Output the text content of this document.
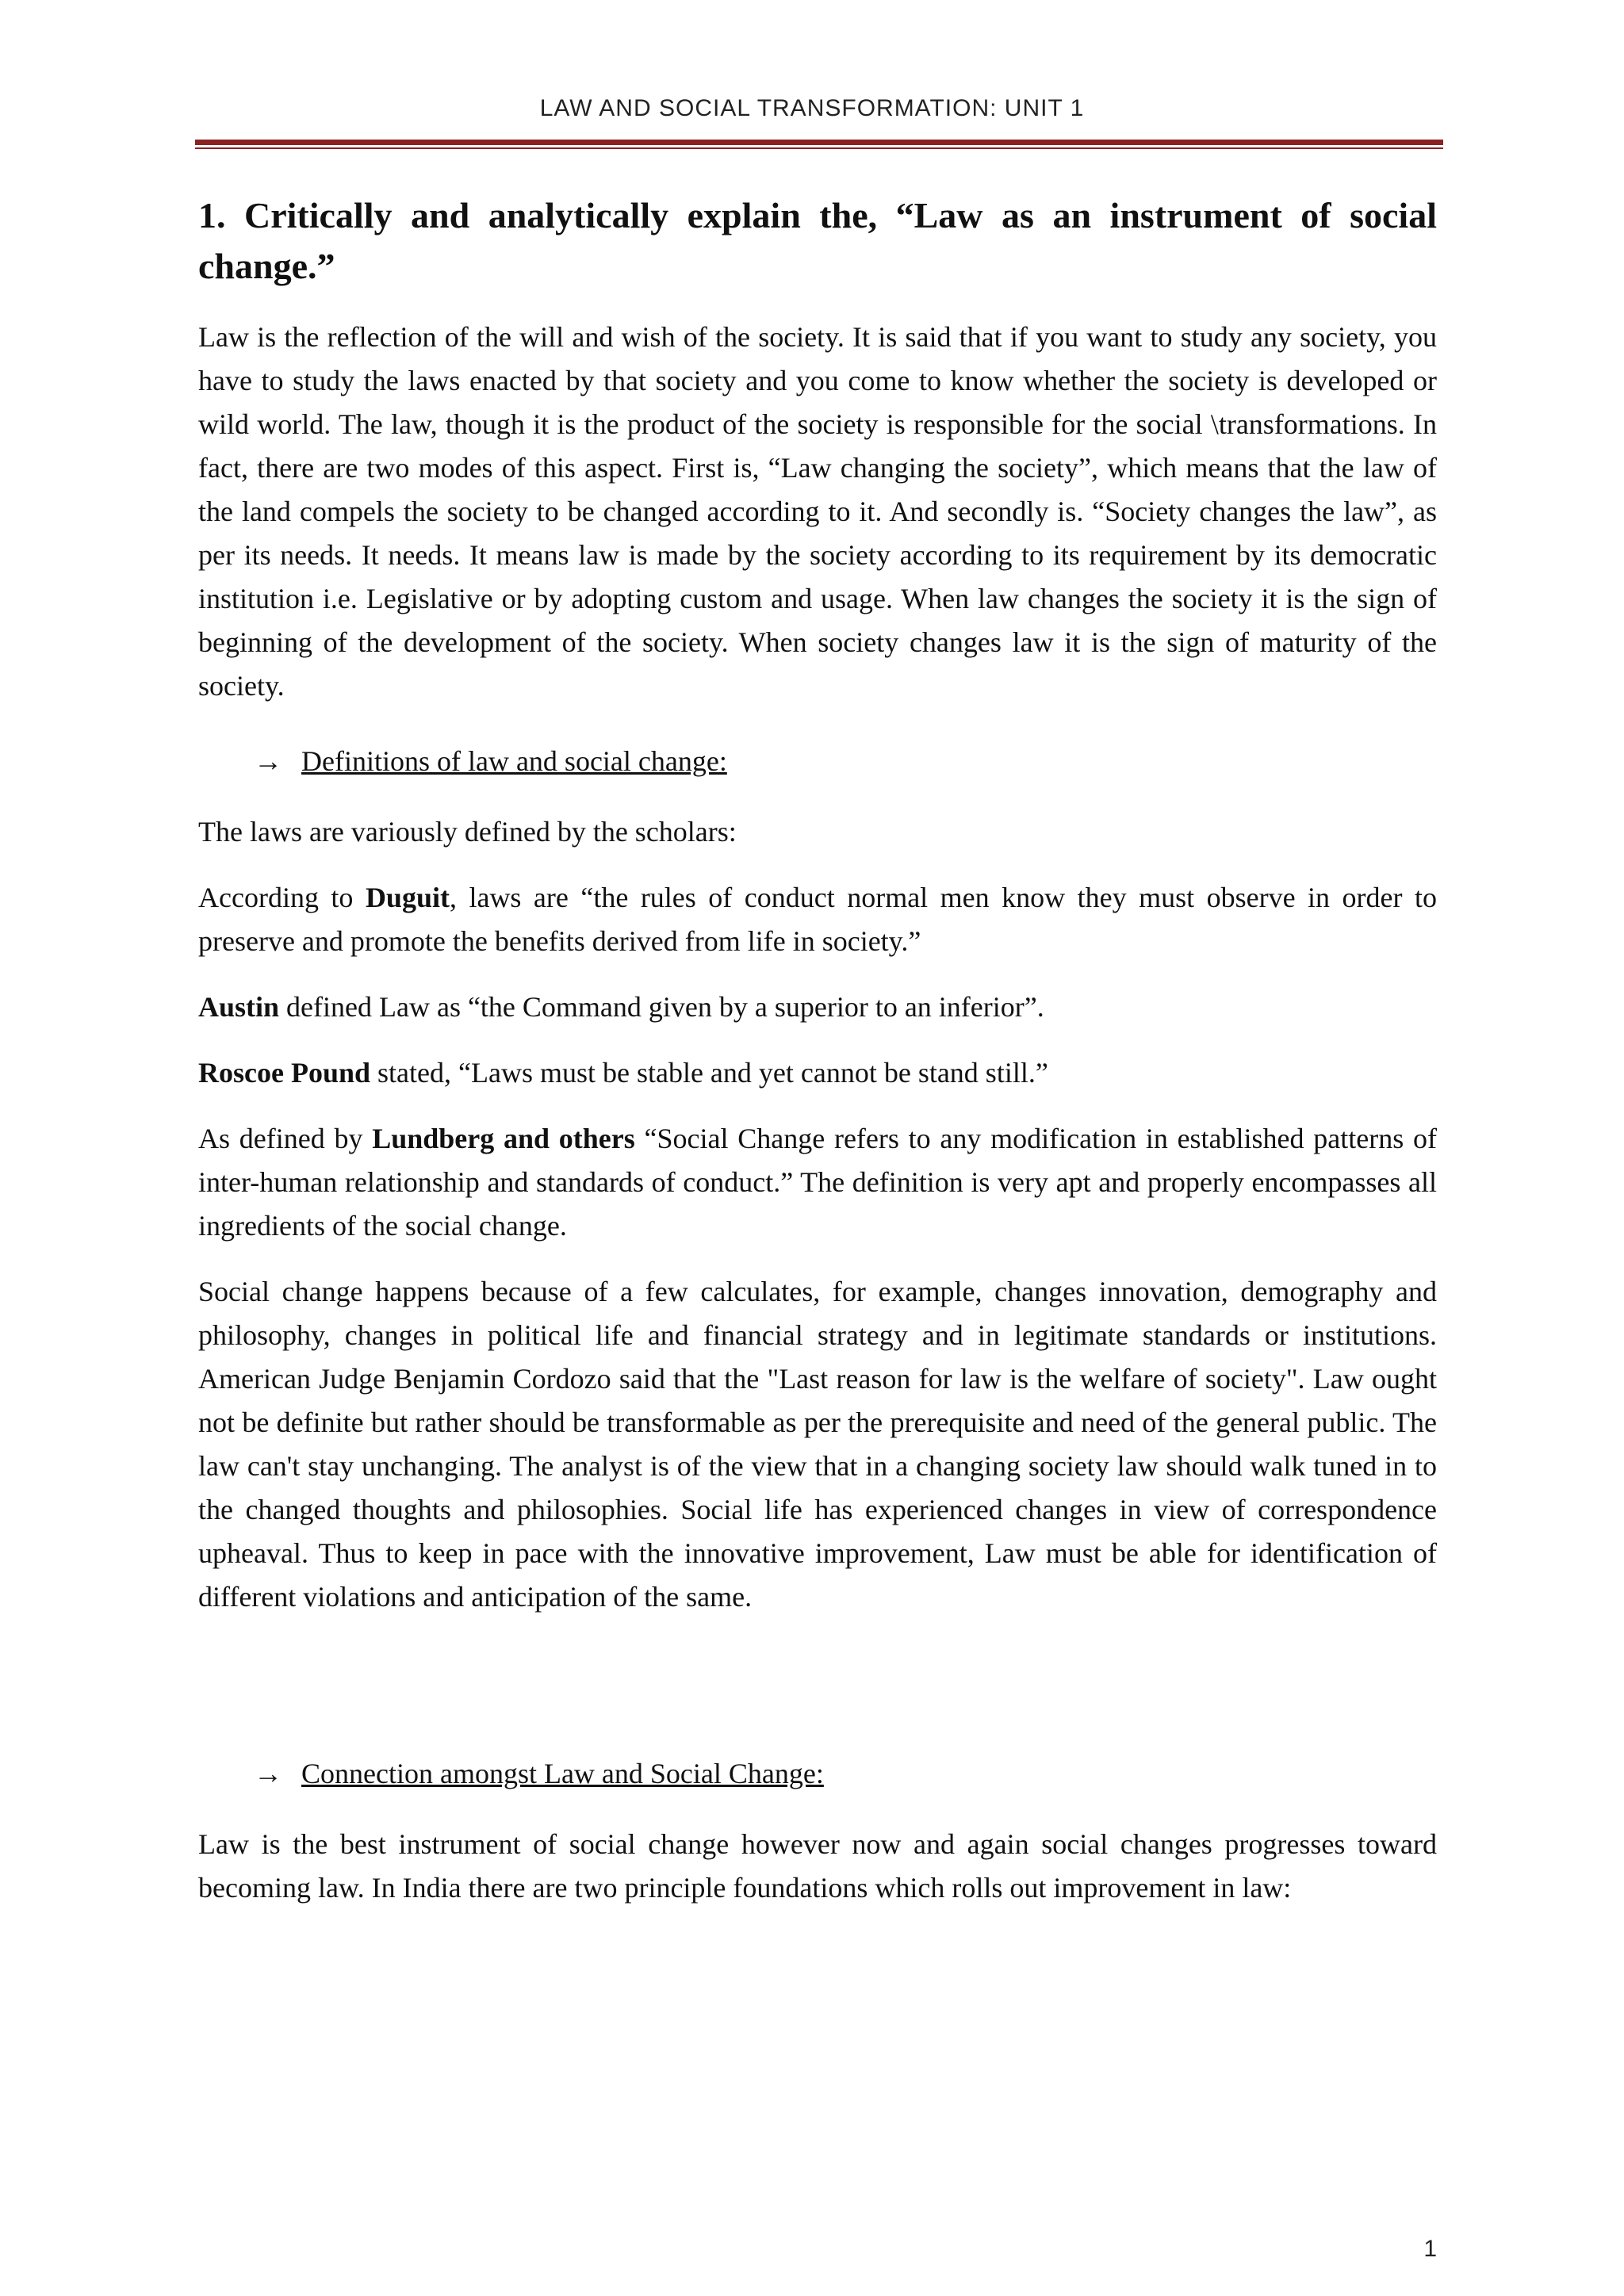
LAW AND SOCIAL TRANSFORMATION: UNIT 1
1. Critically and analytically explain the, “Law as an instrument of social change.”

Law is the reflection of the will and wish of the society. It is said that if you want to study any society, you have to study the laws enacted by that society and you come to know whether the society is developed or wild world. The law, though it is the product of the society is responsible for the social \transformations. In fact, there are two modes of this aspect. First is, “Law changing the society”, which means that the law of the land compels the society to be changed according to it. And secondly is. “Society changes the law”, as per its needs. It needs. It means law is made by the society according to its requirement by its democratic institution i.e. Legislative or by adopting custom and usage. When law changes the society it is the sign of beginning of the development of the society. When society changes law it is the sign of maturity of the society.

→ Definitions of law and social change:

The laws are variously defined by the scholars:

According to Duguit, laws are “the rules of conduct normal men know they must observe in order to preserve and promote the benefits derived from life in society.”

Austin defined Law as “the Command given by a superior to an inferior”.

Roscoe Pound stated, “Laws must be stable and yet cannot be stand still.”

As defined by Lundberg and others “Social Change refers to any modification in established patterns of inter-human relationship and standards of conduct.” The definition is very apt and properly encompasses all ingredients of the social change.

Social change happens because of a few calculates, for example, changes innovation, demography and philosophy, changes in political life and financial strategy and in legitimate standards or institutions. American Judge Benjamin Cordozo said that the "Last reason for law is the welfare of society". Law ought not be definite but rather should be transformable as per the prerequisite and need of the general public. The law can't stay unchanging. The analyst is of the view that in a changing society law should walk tuned in to the changed thoughts and philosophies. Social life has experienced changes in view of correspondence upheaval. Thus to keep in pace with the innovative improvement, Law must be able for identification of different violations and anticipation of the same.

→ Connection amongst Law and Social Change:

Law is the best instrument of social change however now and again social changes progresses toward becoming law. In India there are two principle foundations which rolls out improvement in law:

1
